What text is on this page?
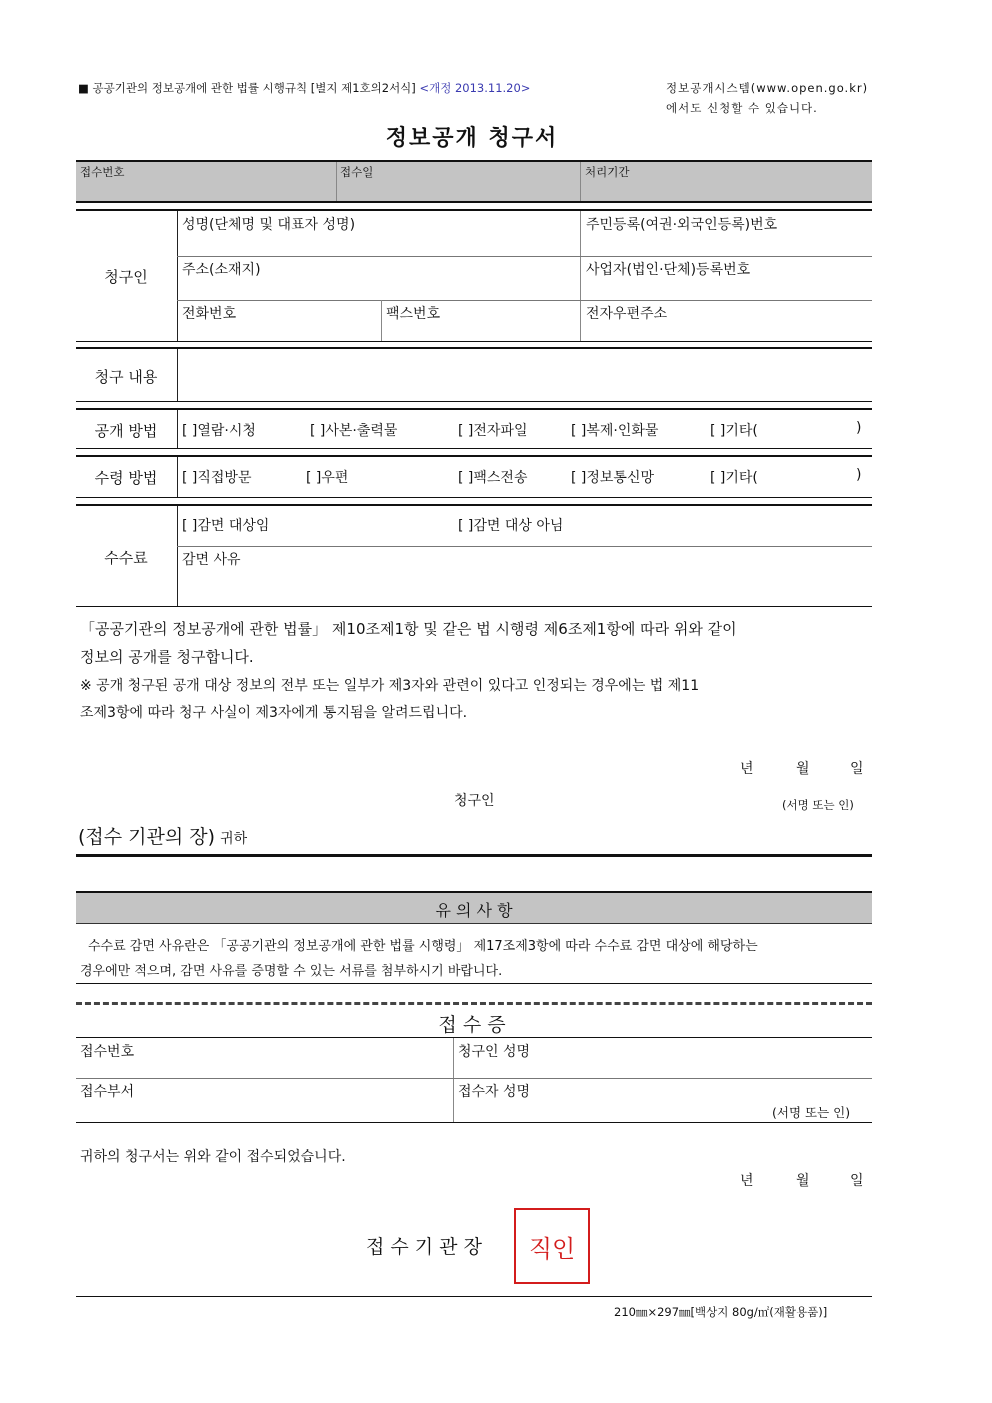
■ 공공기관의 정보공개에 관한 법률 시행규칙 [별지 제1호의2서식] <개정 2013.11.20>	정보공개시스템(www.open.go.kr)
에서도 신청할 수 있습니다.
정보공개 청구서
접수번호	접수일	처리기간
청구인
성명(단체명 및 대표자 성명)	주민등록(여권·외국인등록)번호
주소(소재지)	사업자(법인·단체)등록번호
전화번호	팩스번호	전자우편주소
청구 내용
공개 방법	[ ]열람·시청	[ ]사본·출력물	[ ]전자파일	[ ]복제·인화물	[ ]기타(	)
수령 방법	[ ]직접방문	[ ]우편	[ ]팩스전송	[ ]정보통신망	[ ]기타(	)
수수료
[ ]감면 대상임	[ ]감면 대상 아님
감면 사유
「공공기관의 정보공개에 관한 법률」 제10조제1항 및 같은 법 시행령 제6조제1항에 따라 위와 같이
정보의 공개를 청구합니다.
※ 공개 청구된 공개 대상 정보의 전부 또는 일부가 제3자와 관련이 있다고 인정되는 경우에는 법 제11
조제3항에 따라 청구 사실이 제3자에게 통지됨을 알려드립니다.
년	월	일
청구인	(서명 또는 인)
(접수 기관의 장) 귀하
유 의 사 항
수수료 감면 사유란은 「공공기관의 정보공개에 관한 법률 시행령」 제17조제3항에 따라 수수료 감면 대상에 해당하는
경우에만 적으며, 감면 사유를 증명할 수 있는 서류를 첨부하시기 바랍니다.
접 수 증
접수번호	청구인 성명
접수부서	접수자 성명
(서명 또는 인)
귀하의 청구서는 위와 같이 접수되었습니다.
년	월	일
접 수 기 관 장 직인
210㎜×297㎜[백상지 80g/㎡(재활용품)]
